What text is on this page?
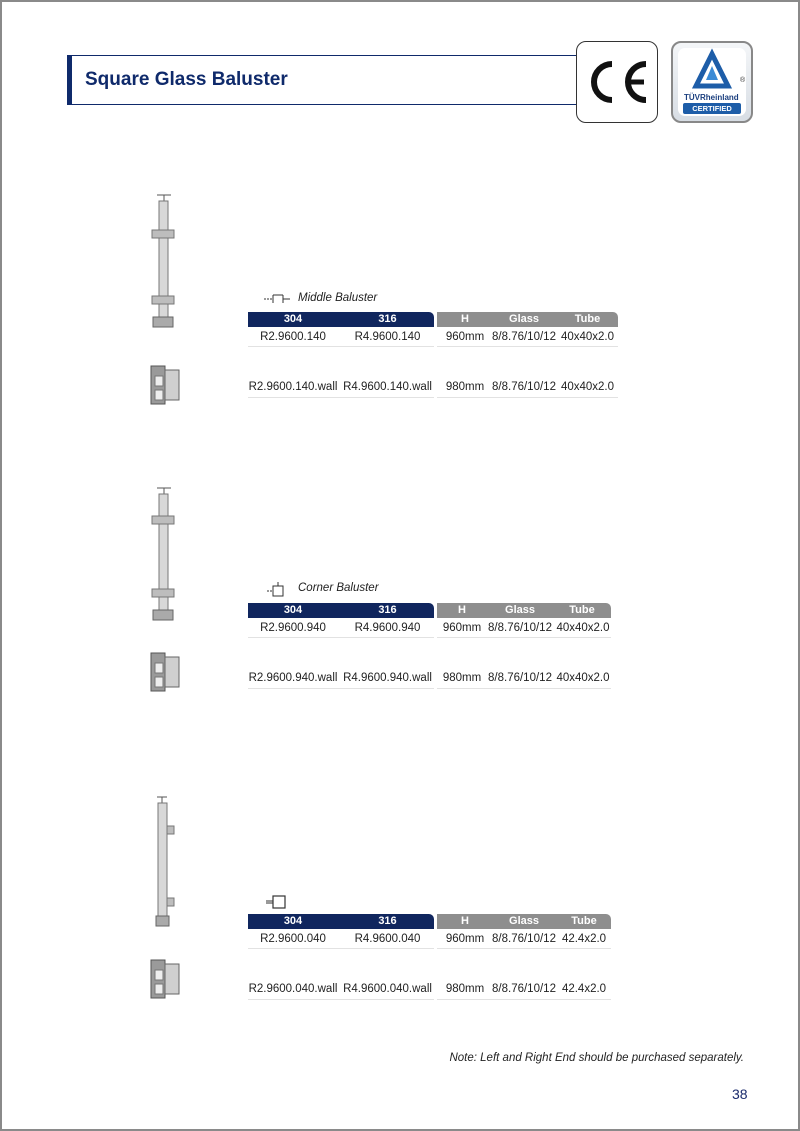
Square Glass Baluster	®
TÜVRheinland
CERTIFIED
Middle Baluster
304	316	H	Glass	Tube
R2.9600.140	R4.9600.140	960mm 8/8.76/10/12 40x40x2.0
R2.9600.140.wall R4.9600.140.wall	980mm 8/8.76/10/12 40x40x2.0
Corner Baluster
304	316	H	Glass	Tube
R2.9600.940	R4.9600.940	960mm 8/8.76/10/12 40x40x2.0
R2.9600.940.wall R4.9600.940.wall 980mm 8/8.76/10/12 40x40x2.0
304	316	H	Glass	Tube
R2.9600.040	R4.9600.040	960mm 8/8.76/10/12 42.4x2.0
R2.9600.040.wall R4.9600.040.wall	980mm 8/8.76/10/12 42.4x2.0
Note: Left and Right End should be purchased separately.
38
